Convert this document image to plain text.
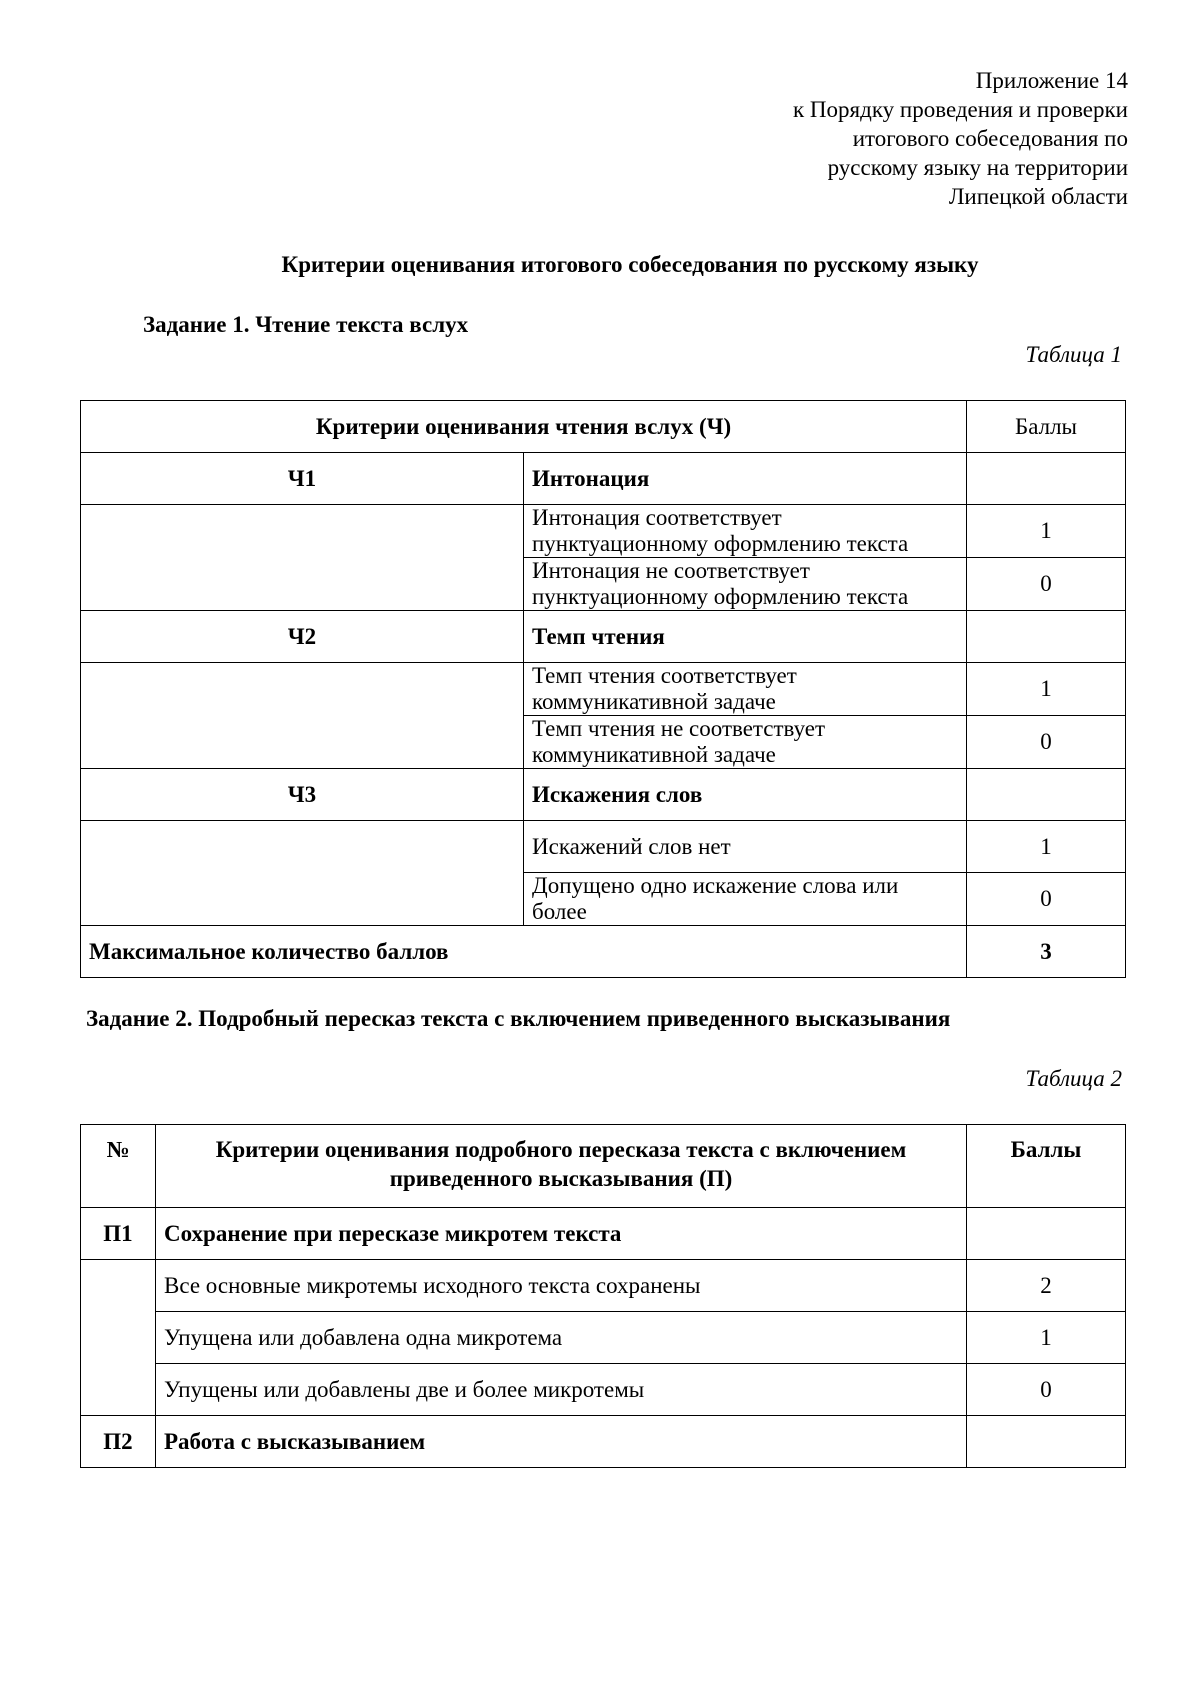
Приложение 14
к Порядку проведения и проверки
итогового собеседования по
русскому языку на территории
Липецкой области
Критерии оценивания итогового собеседования по русскому языку
Задание 1. Чтение текста вслух
Таблица 1
Критерии оценивания чтения вслух (Ч)		Баллы
Ч1	Интонация	
	Интонация соответствует пунктуационному оформлению текста	1
	Интонация не соответствует пунктуационному оформлению текста	0
Ч2	Темп чтения	
	Темп чтения соответствует коммуникативной задаче	1
	Темп чтения не соответствует коммуникативной задаче	0
Ч3	Искажения слов	
	Искажений слов нет	1
	Допущено одно искажение слова или более	0
Максимальное количество баллов		3
Задание 2. Подробный пересказ текста с включением приведенного высказывания
Таблица 2
№	Критерии оценивания подробного пересказа текста с включением
приведенного высказывания (П)	Баллы
П1	Сохранение при пересказе микротем текста	
	Все основные микротемы исходного текста сохранены	2
	Упущена или добавлена одна микротема	1
	Упущены или добавлены две и более микротемы	0
П2	Работа с высказыванием	
